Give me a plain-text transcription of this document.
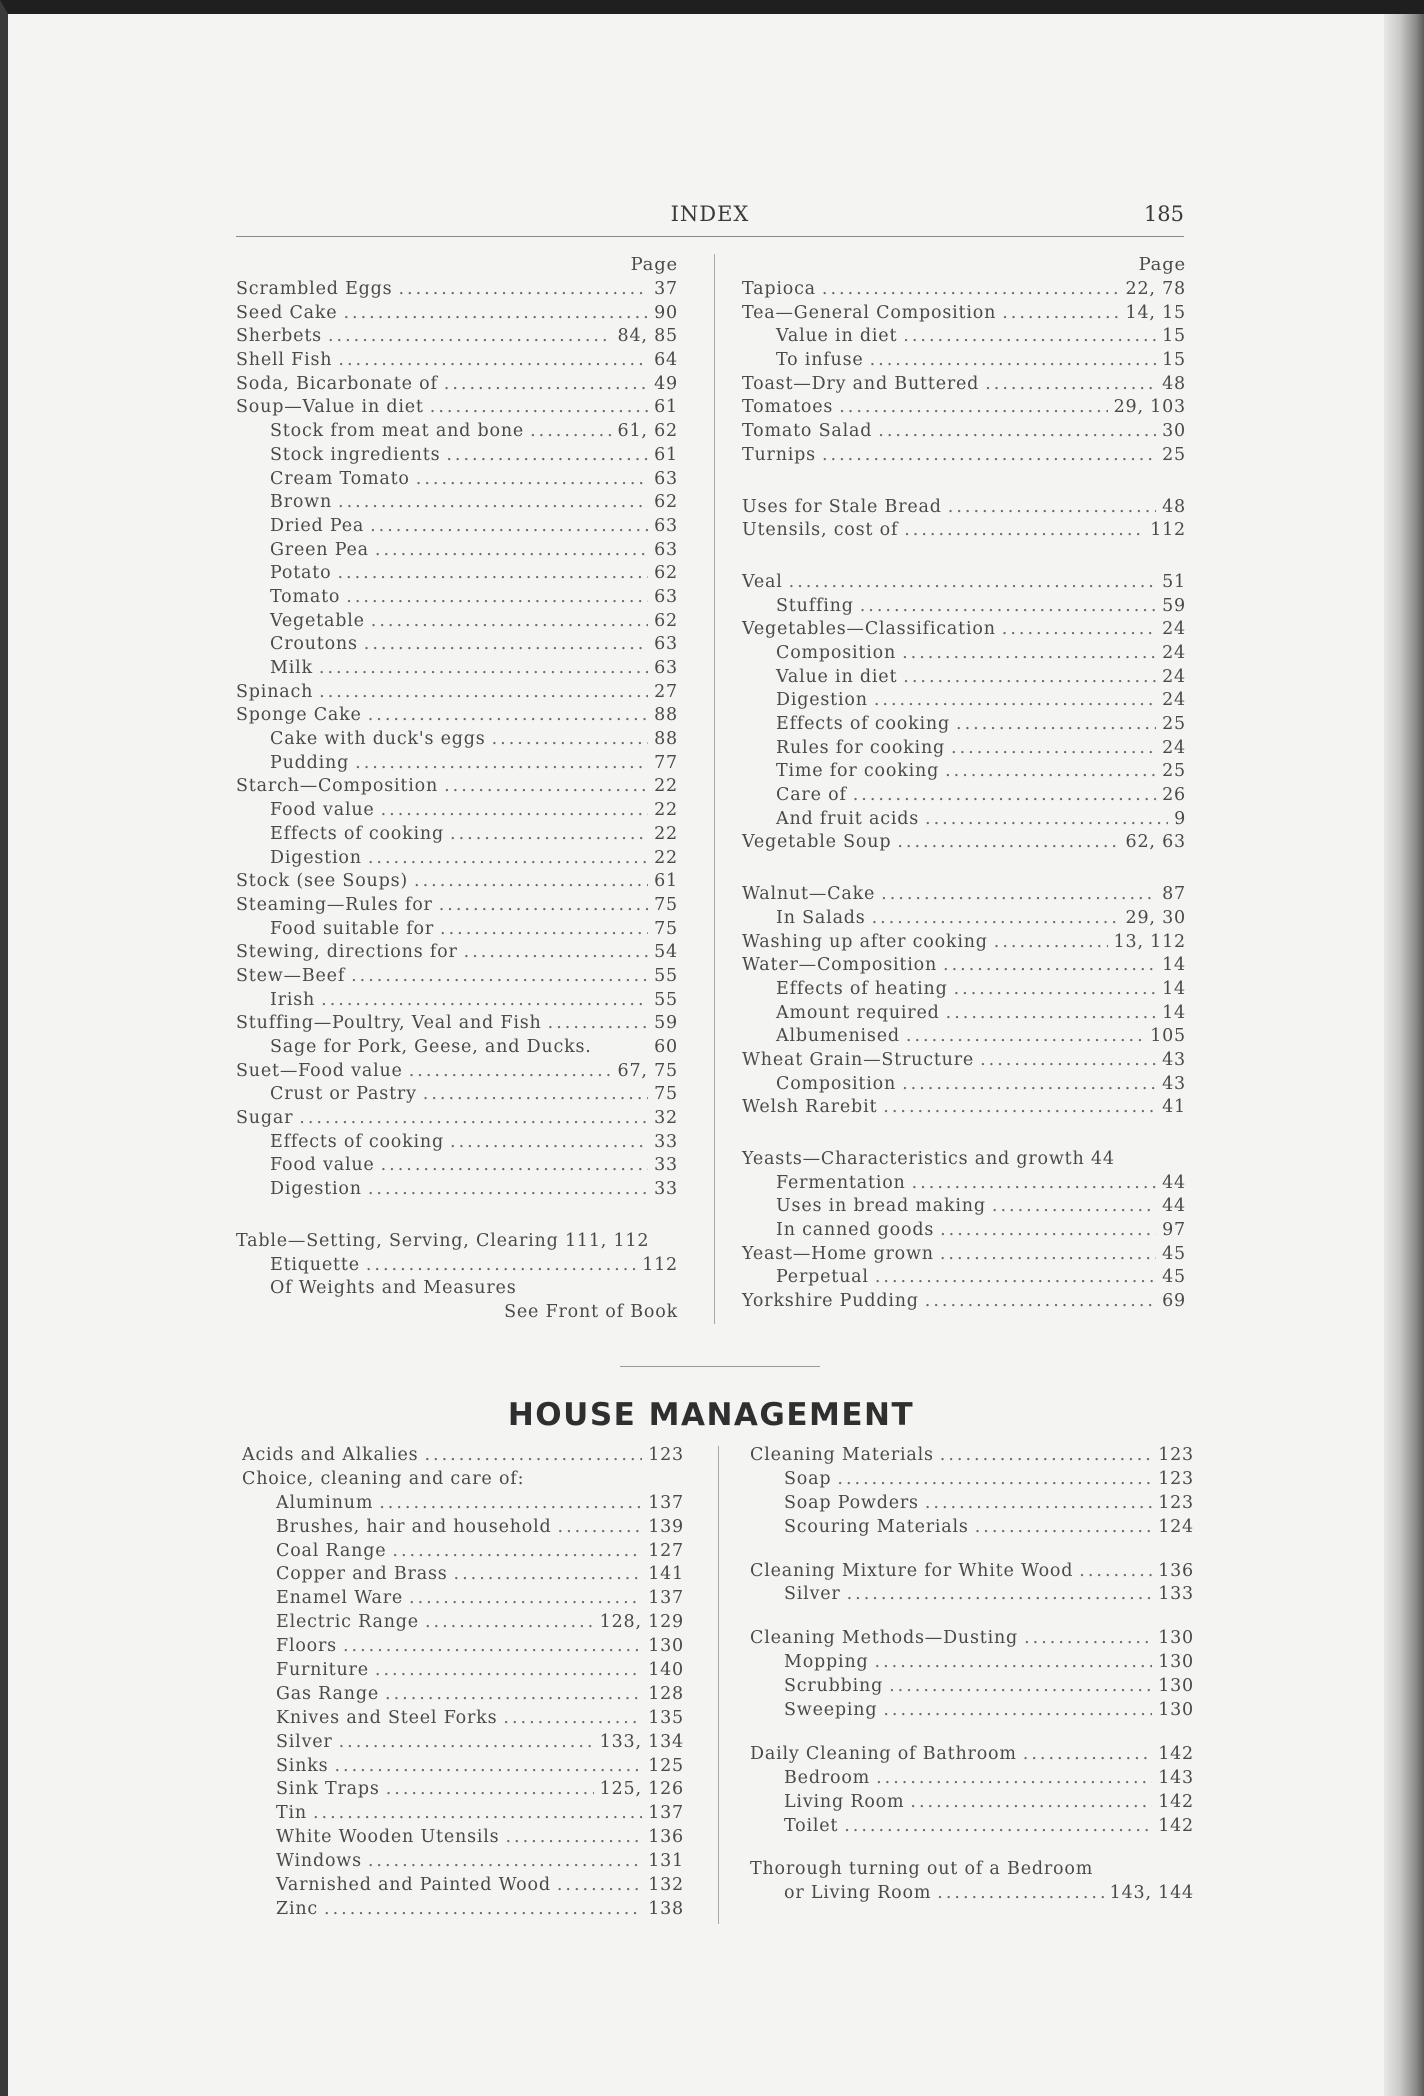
INDEX	185
Page
Scrambled Eggs .....	37
Seed Cake .....	90
Sherbets .....	84, 85
Shell Fish .....	64
Soda, Bicarbonate of .....	49
Soup—Value in diet .....	61
Stock from meat and bone .....	61, 62
Stock ingredients .....	61
Cream Tomato .....	63
Brown .....	62
Dried Pea .....	63
Green Pea .....	63
Potato .....	62
Tomato .....	63
Vegetable .....	62
Croutons .....	63
Milk .....	63
Spinach .....	27
Sponge Cake .....	88
Cake with duck's eggs .....	88
Pudding .....	77
Starch—Composition .....	22
Food value .....	22
Effects of cooking .....	22
Digestion .....	22
Stock (see Soups) .....	61
Steaming—Rules for .....	75
Food suitable for .....	75
Stewing, directions for .....	54
Stew—Beef .....	55
Irish .....	55
Stuffing—Poultry, Veal and Fish .....	59
Sage for Pork, Geese, and Ducks.	60
Suet—Food value .....	67, 75
Crust or Pastry .....	75
Sugar .....	32
Effects of cooking .....	33
Food value .....	33
Digestion .....	33
Table—Setting, Serving, Clearing 111, 112
Etiquette .....	112
Of Weights and Measures
See Front of Book
Page
Tapioca .....	22, 78
Tea—General Composition .....	14, 15
Value in diet .....	15
To infuse .....	15
Toast—Dry and Buttered .....	48
Tomatoes .....	29, 103
Tomato Salad .....	30
Turnips .....	25
Uses for Stale Bread .....	48
Utensils, cost of .....	112
Veal .....	51
Stuffing .....	59
Vegetables—Classification .....	24
Composition .....	24
Value in diet .....	24
Digestion .....	24
Effects of cooking .....	25
Rules for cooking .....	24
Time for cooking .....	25
Care of .....	26
And fruit acids .....	9
Vegetable Soup .....	62, 63
Walnut—Cake .....	87
In Salads .....	29, 30
Washing up after cooking .....	13, 112
Water—Composition .....	14
Effects of heating .....	14
Amount required .....	14
Albumenised .....	105
Wheat Grain—Structure .....	43
Composition .....	43
Welsh Rarebit .....	41
Yeasts—Characteristics and growth 44
Fermentation .....	44
Uses in bread making .....	44
In canned goods .....	97
Yeast—Home grown .....	45
Perpetual .....	45
Yorkshire Pudding .....	69
HOUSE MANAGEMENT
Acids and Alkalies .....	123
Choice, cleaning and care of:
Aluminum .....	137
Brushes, hair and household .....	139
Coal Range .....	127
Copper and Brass .....	141
Enamel Ware .....	137
Electric Range .....	128, 129
Floors .....	130
Furniture .....	140
Gas Range .....	128
Knives and Steel Forks .....	135
Silver .....	133, 134
Sinks .....	125
Sink Traps .....	125, 126
Tin .....	137
White Wooden Utensils .....	136
Windows .....	131
Varnished and Painted Wood .....	132
Zinc .....	138
Cleaning Materials .....	123
Soap .....	123
Soap Powders .....	123
Scouring Materials .....	124
Cleaning Mixture for White Wood .....	136
Silver .....	133
Cleaning Methods—Dusting .....	130
Mopping .....	130
Scrubbing .....	130
Sweeping .....	130
Daily Cleaning of Bathroom .....	142
Bedroom .....	143
Living Room .....	142
Toilet .....	142
Thorough turning out of a Bedroom
or Living Room .....	143, 144
